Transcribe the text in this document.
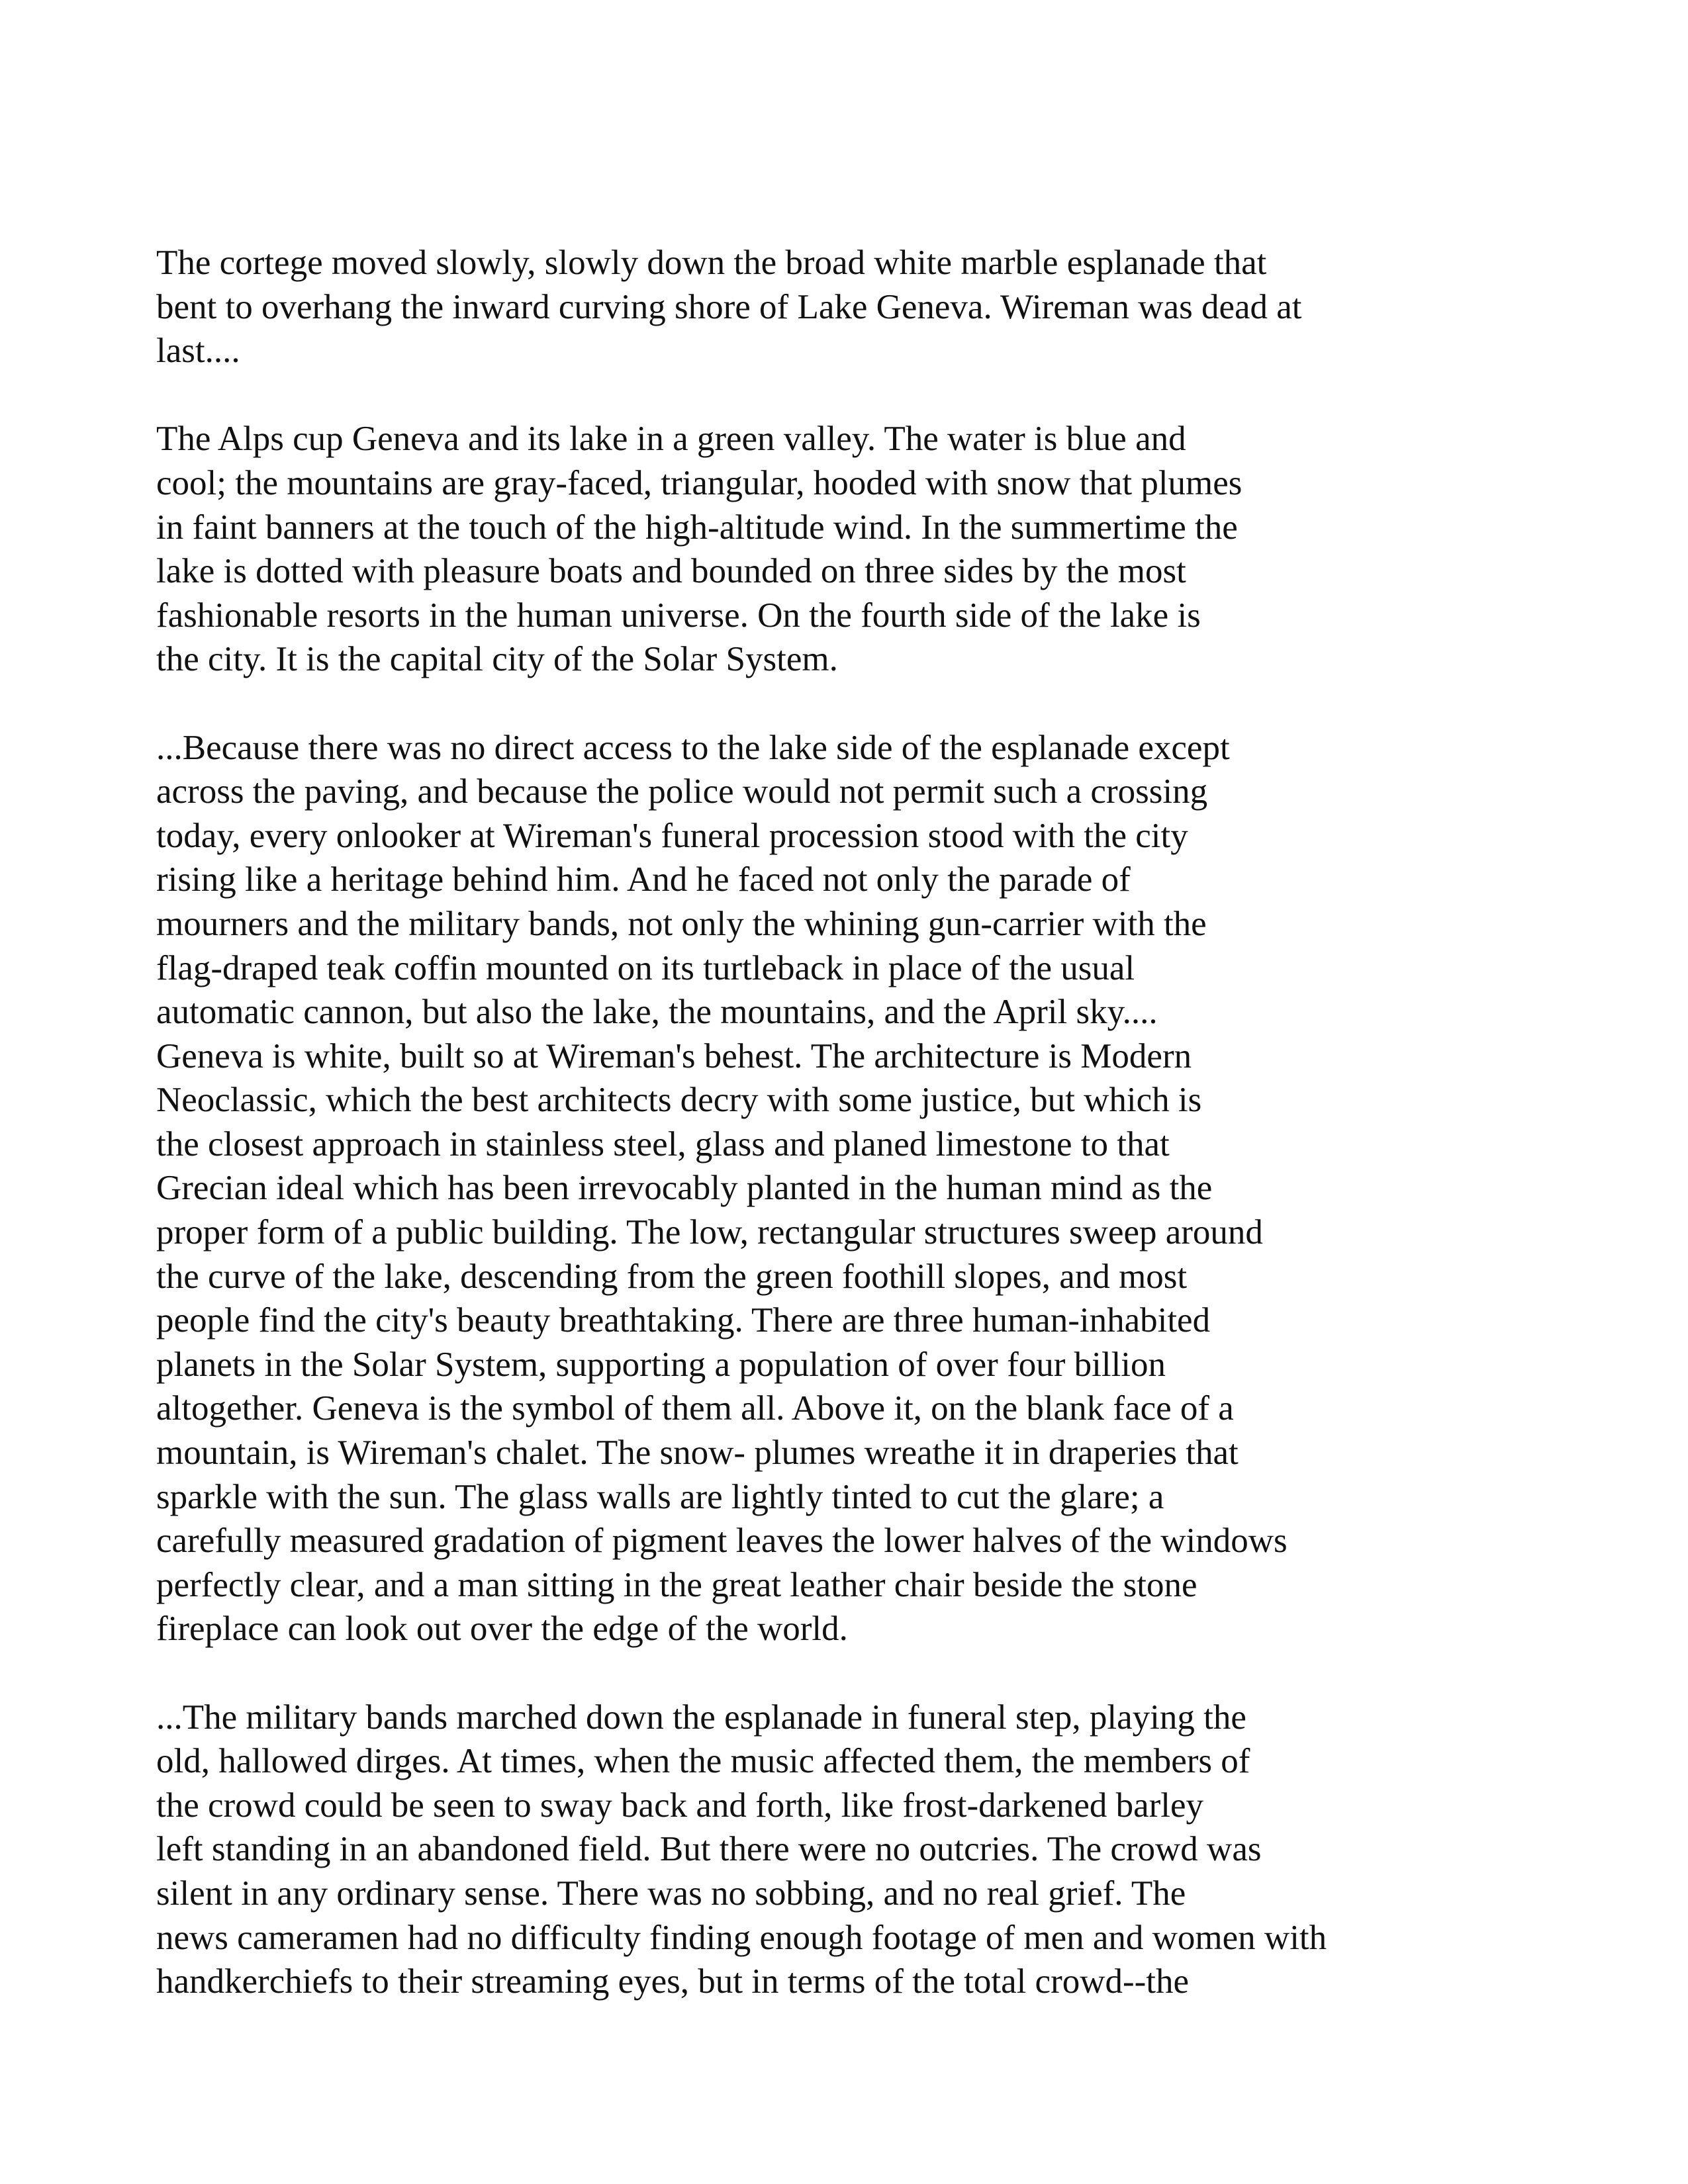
The cortege moved slowly, slowly down the broad white marble esplanade that
bent to overhang the inward curving shore of Lake Geneva. Wireman was dead at
last....

The Alps cup Geneva and its lake in a green valley. The water is blue and
cool; the mountains are gray-faced, triangular, hooded with snow that plumes
in faint banners at the touch of the high-altitude wind. In the summertime the
lake is dotted with pleasure boats and bounded on three sides by the most
fashionable resorts in the human universe. On the fourth side of the lake is
the city. It is the capital city of the Solar System.

...Because there was no direct access to the lake side of the esplanade except
across the paving, and because the police would not permit such a crossing
today, every onlooker at Wireman's funeral procession stood with the city
rising like a heritage behind him. And he faced not only the parade of
mourners and the military bands, not only the whining gun-carrier with the
flag-draped teak coffin mounted on its turtleback in place of the usual
automatic cannon, but also the lake, the mountains, and the April sky....
Geneva is white, built so at Wireman's behest. The architecture is Modern
Neoclassic, which the best architects decry with some justice, but which is
the closest approach in stainless steel, glass and planed limestone to that
Grecian ideal which has been irrevocably planted in the human mind as the
proper form of a public building. The low, rectangular structures sweep around
the curve of the lake, descending from the green foothill slopes, and most
people find the city's beauty breathtaking. There are three human-inhabited
planets in the Solar System, supporting a population of over four billion
altogether. Geneva is the symbol of them all. Above it, on the blank face of a
mountain, is Wireman's chalet. The snow- plumes wreathe it in draperies that
sparkle with the sun. The glass walls are lightly tinted to cut the glare; a
carefully measured gradation of pigment leaves the lower halves of the windows
perfectly clear, and a man sitting in the great leather chair beside the stone
fireplace can look out over the edge of the world.

...The military bands marched down the esplanade in funeral step, playing the
old, hallowed dirges. At times, when the music affected them, the members of
the crowd could be seen to sway back and forth, like frost-darkened barley
left standing in an abandoned field. But there were no outcries. The crowd was
silent in any ordinary sense. There was no sobbing, and no real grief. The
news cameramen had no difficulty finding enough footage of men and women with
handkerchiefs to their streaming eyes, but in terms of the total crowd--the
